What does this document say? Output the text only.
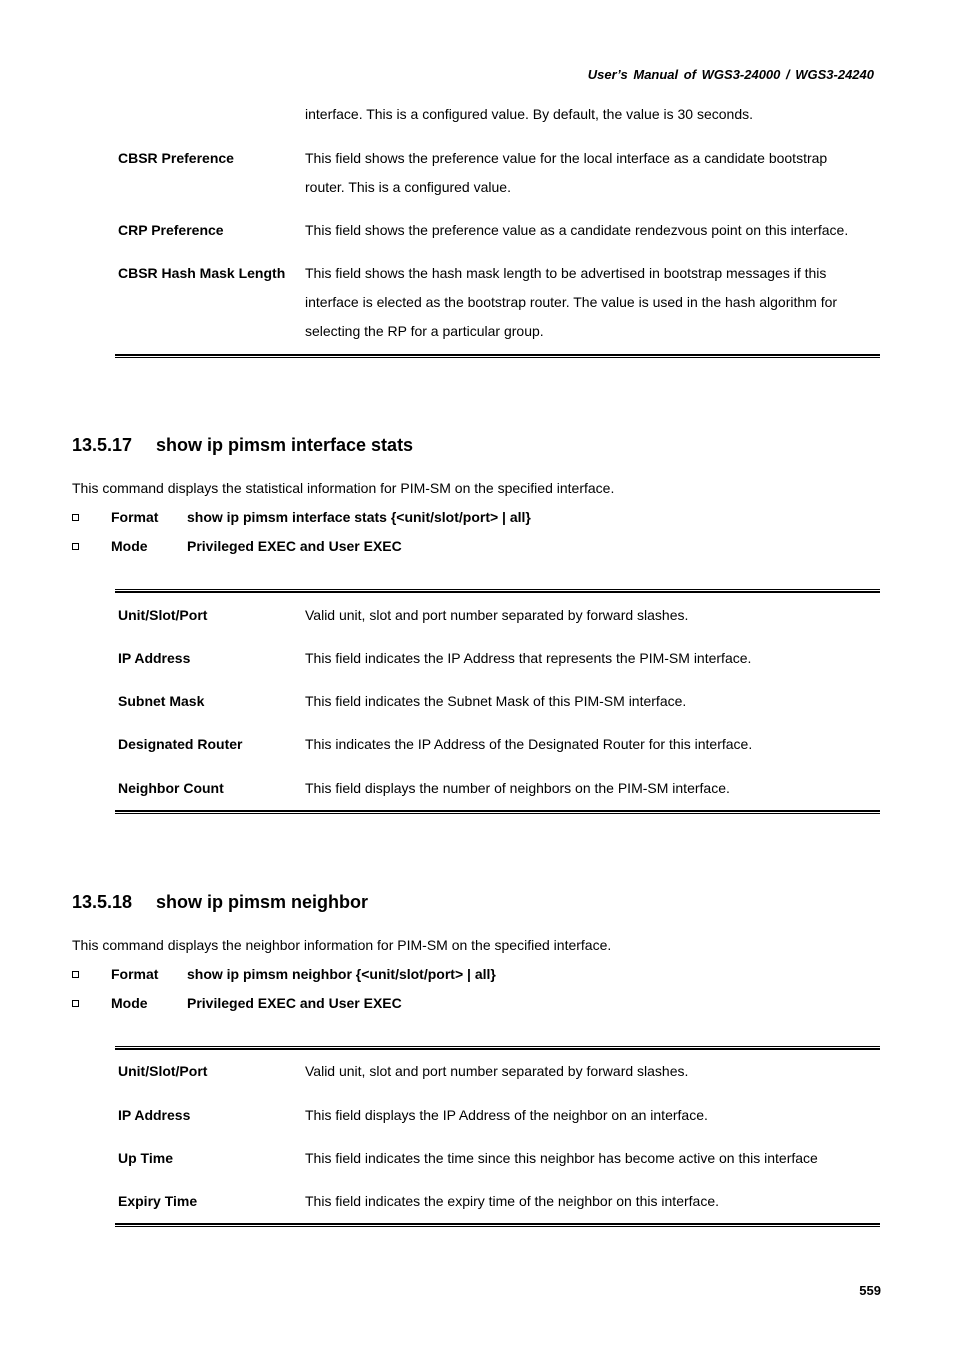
User’s Manual of WGS3-24000 / WGS3-24240
interface. This is a configured value. By default, the value is 30 seconds.
CBSR Preference	This field shows the preference value for the local interface as a candidate bootstrap
router. This is a configured value.
CRP Preference	This field shows the preference value as a candidate rendezvous point on this interface.
CBSR Hash Mask Length	This field shows the hash mask length to be advertised in bootstrap messages if this
interface is elected as the bootstrap router. The value is used in the hash algorithm for
selecting the RP for a particular group.
13.5.17 show ip pimsm interface stats
This command displays the statistical information for PIM-SM on the specified interface.
Format show ip pimsm interface stats {<unit/slot/port> | all}
Mode	Privileged EXEC and User EXEC
Unit/Slot/Port	Valid unit, slot and port number separated by forward slashes.
IP Address	This field indicates the IP Address that represents the PIM-SM interface.
Subnet Mask	This field indicates the Subnet Mask of this PIM-SM interface.
Designated Router	This indicates the IP Address of the Designated Router for this interface.
Neighbor Count	This field displays the number of neighbors on the PIM-SM interface.
13.5.18 show ip pimsm neighbor
This command displays the neighbor information for PIM-SM on the specified interface.
Format show ip pimsm neighbor {<unit/slot/port> | all}
Mode	Privileged EXEC and User EXEC
Unit/Slot/Port	Valid unit, slot and port number separated by forward slashes.
IP Address	This field displays the IP Address of the neighbor on an interface.
Up Time	This field indicates the time since this neighbor has become active on this interface
Expiry Time	This field indicates the expiry time of the neighbor on this interface.
559
